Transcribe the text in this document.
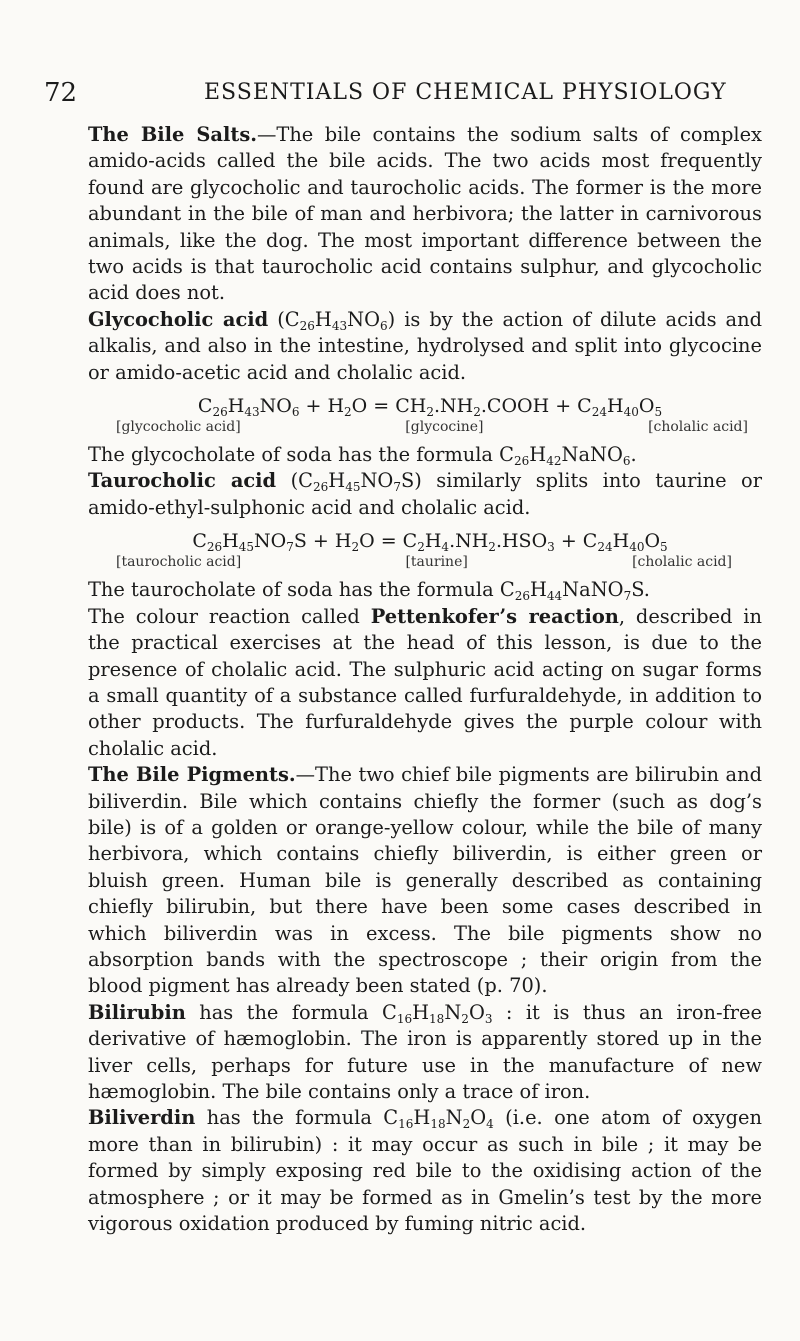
72	ESSENTIALS OF CHEMICAL PHYSIOLOGY

The Bile Salts.—The bile contains the sodium salts of complex amido-acids called the bile acids. The two acids most frequently found are glycocholic and taurocholic acids. The former is the more abundant in the bile of man and herbivora; the latter in carnivorous animals, like the dog. The most important difference between the two acids is that taurocholic acid contains sulphur, and glycocholic acid does not.

Glycocholic acid $(C_{26}H_{43}NO_6)$ is by the action of dilute acids and alkalis, and also in the intestine, hydrolysed and split into glycocine or amido-acetic acid and cholalic acid.

$C_{26}H_{43}NO_6 + H_2O$ = $CH_2.NH_2.COOH + C_{24}H_{40}O_5$
[glycocholic acid]	[glycocine]	[cholalic acid]

The glycocholate of soda has the formula $C_{26}H_{42}NaNO_6$.

Taurocholic acid $(C_{26}H_{45}NO_7S)$ similarly splits into taurine or amido-ethyl-sulphonic acid and cholalic acid.

$C_{26}H_{45}NO_7S + H_2O = C_2H_4.NH_2.HSO_3 + C_{24}H_{40}O_5$
[taurocholic acid]	[taurine]	[cholalic acid]

The taurocholate of soda has the formula $C_{26}H_{44}NaNO_7S$.

The colour reaction called Pettenkofer’s reaction, described in the practical exercises at the head of this lesson, is due to the presence of cholalic acid. The sulphuric acid acting on sugar forms a small quantity of a substance called furfuraldehyde, in addition to other products. The furfuraldehyde gives the purple colour with cholalic acid.

The Bile Pigments.—The two chief bile pigments are bilirubin and biliverdin. Bile which contains chiefly the former (such as dog’s bile) is of a golden or orange-yellow colour, while the bile of many herbivora, which contains chiefly biliverdin, is either green or bluish green. Human bile is generally described as containing chiefly bilirubin, but there have been some cases described in which biliverdin was in excess. The bile pigments show no absorption bands with the spectroscope ; their origin from the blood pigment has already been stated (p. 70).

Bilirubin has the formula $C_{16}H_{18}N_2O_3$ : it is thus an iron-free derivative of hæmoglobin. The iron is apparently stored up in the liver cells, perhaps for future use in the manufacture of new hæmoglobin. The bile contains only a trace of iron.

Biliverdin has the formula $C_{16}H_{18}N_2O_4$ (i.e. one atom of oxygen more than in bilirubin) : it may occur as such in bile ; it may be formed by simply exposing red bile to the oxidising action of the atmosphere ; or it may be formed as in Gmelin’s test by the more vigorous oxidation produced by fuming nitric acid.
